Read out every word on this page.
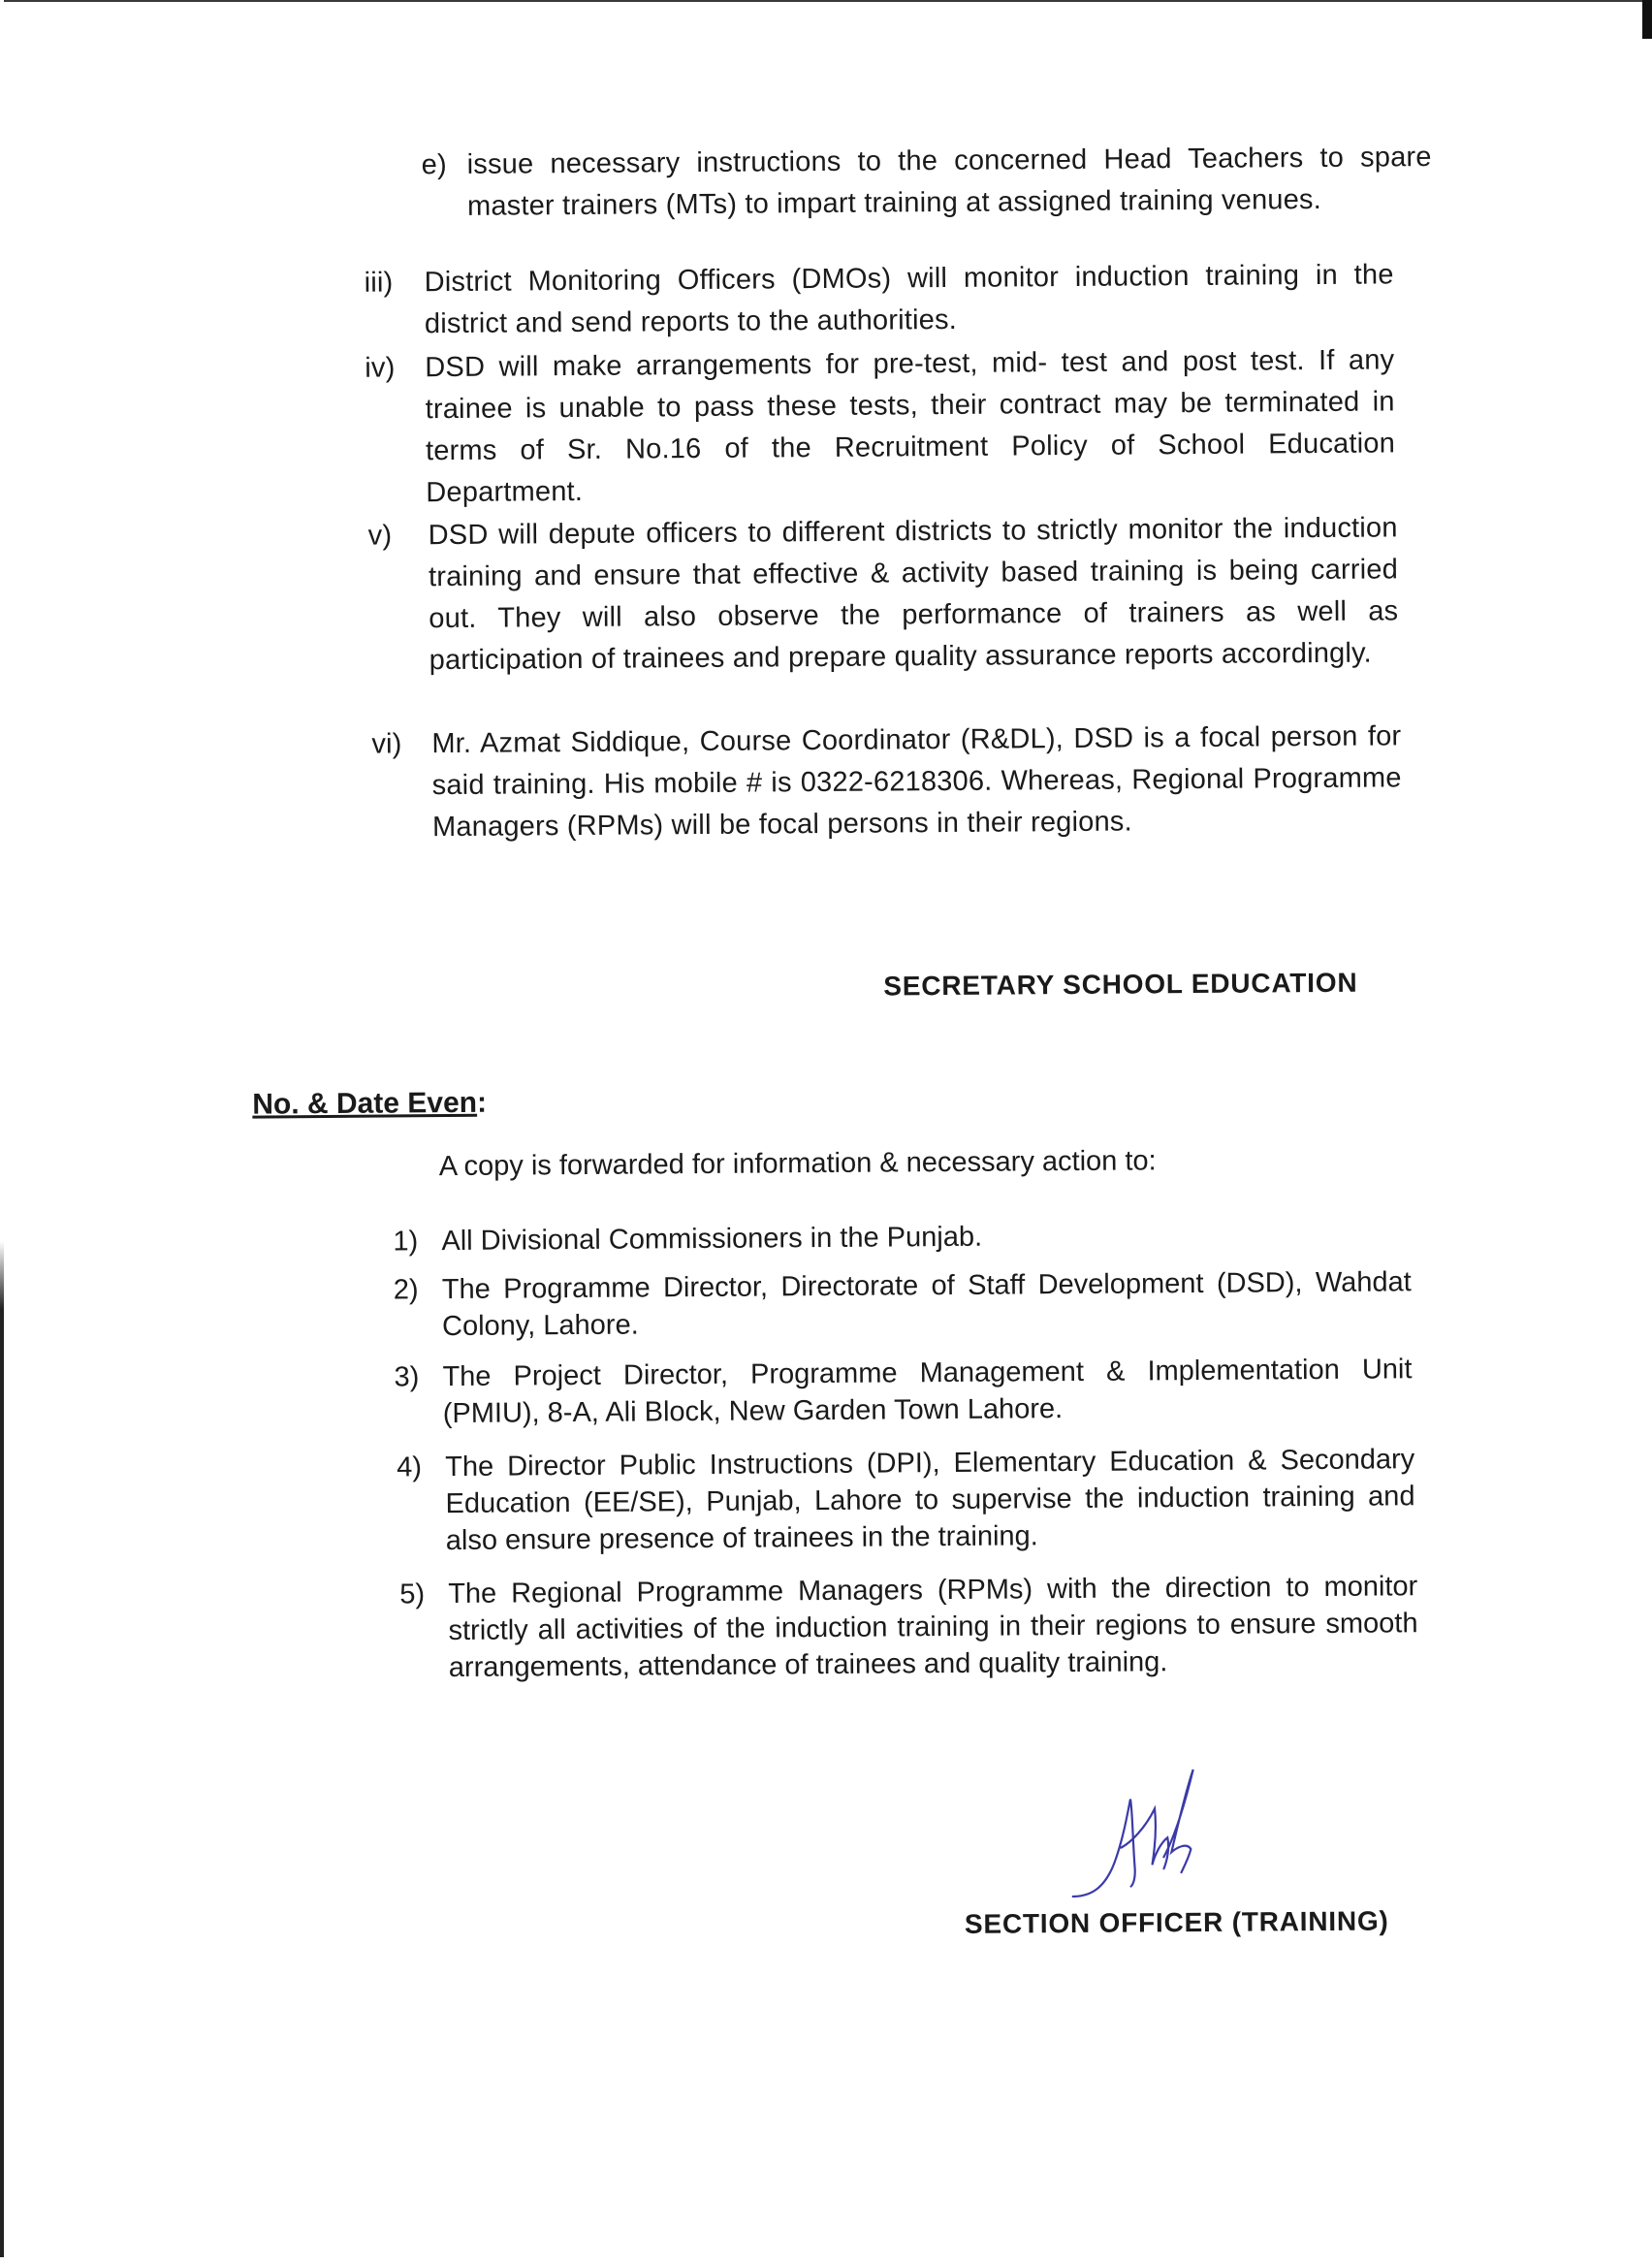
e) issue necessary instructions to the concerned Head Teachers to spare master trainers (MTs) to impart training at assigned training venues.
iii) District Monitoring Officers (DMOs) will monitor induction training in the district and send reports to the authorities.
iv) DSD will make arrangements for pre-test, mid- test and post test. If any trainee is unable to pass these tests, their contract may be terminated in terms of Sr. No.16 of the Recruitment Policy of School Education Department.
v) DSD will depute officers to different districts to strictly monitor the induction training and ensure that effective & activity based training is being carried out. They will also observe the performance of trainers as well as participation of trainees and prepare quality assurance reports accordingly.
vi) Mr. Azmat Siddique, Course Coordinator (R&DL), DSD is a focal person for said training. His mobile # is 0322-6218306. Whereas, Regional Programme Managers (RPMs) will be focal persons in their regions.
SECRETARY SCHOOL EDUCATION
No. & Date Even:
A copy is forwarded for information & necessary action to:
1) All Divisional Commissioners in the Punjab.
2) The Programme Director, Directorate of Staff Development (DSD), Wahdat Colony, Lahore.
3) The Project Director, Programme Management & Implementation Unit (PMIU), 8-A, Ali Block, New Garden Town Lahore.
4) The Director Public Instructions (DPI), Elementary Education & Secondary Education (EE/SE), Punjab, Lahore to supervise the induction training and also ensure presence of trainees in the training.
5) The Regional Programme Managers (RPMs) with the direction to monitor strictly all activities of the induction training in their regions to ensure smooth arrangements, attendance of trainees and quality training.
SECTION OFFICER (TRAINING)
